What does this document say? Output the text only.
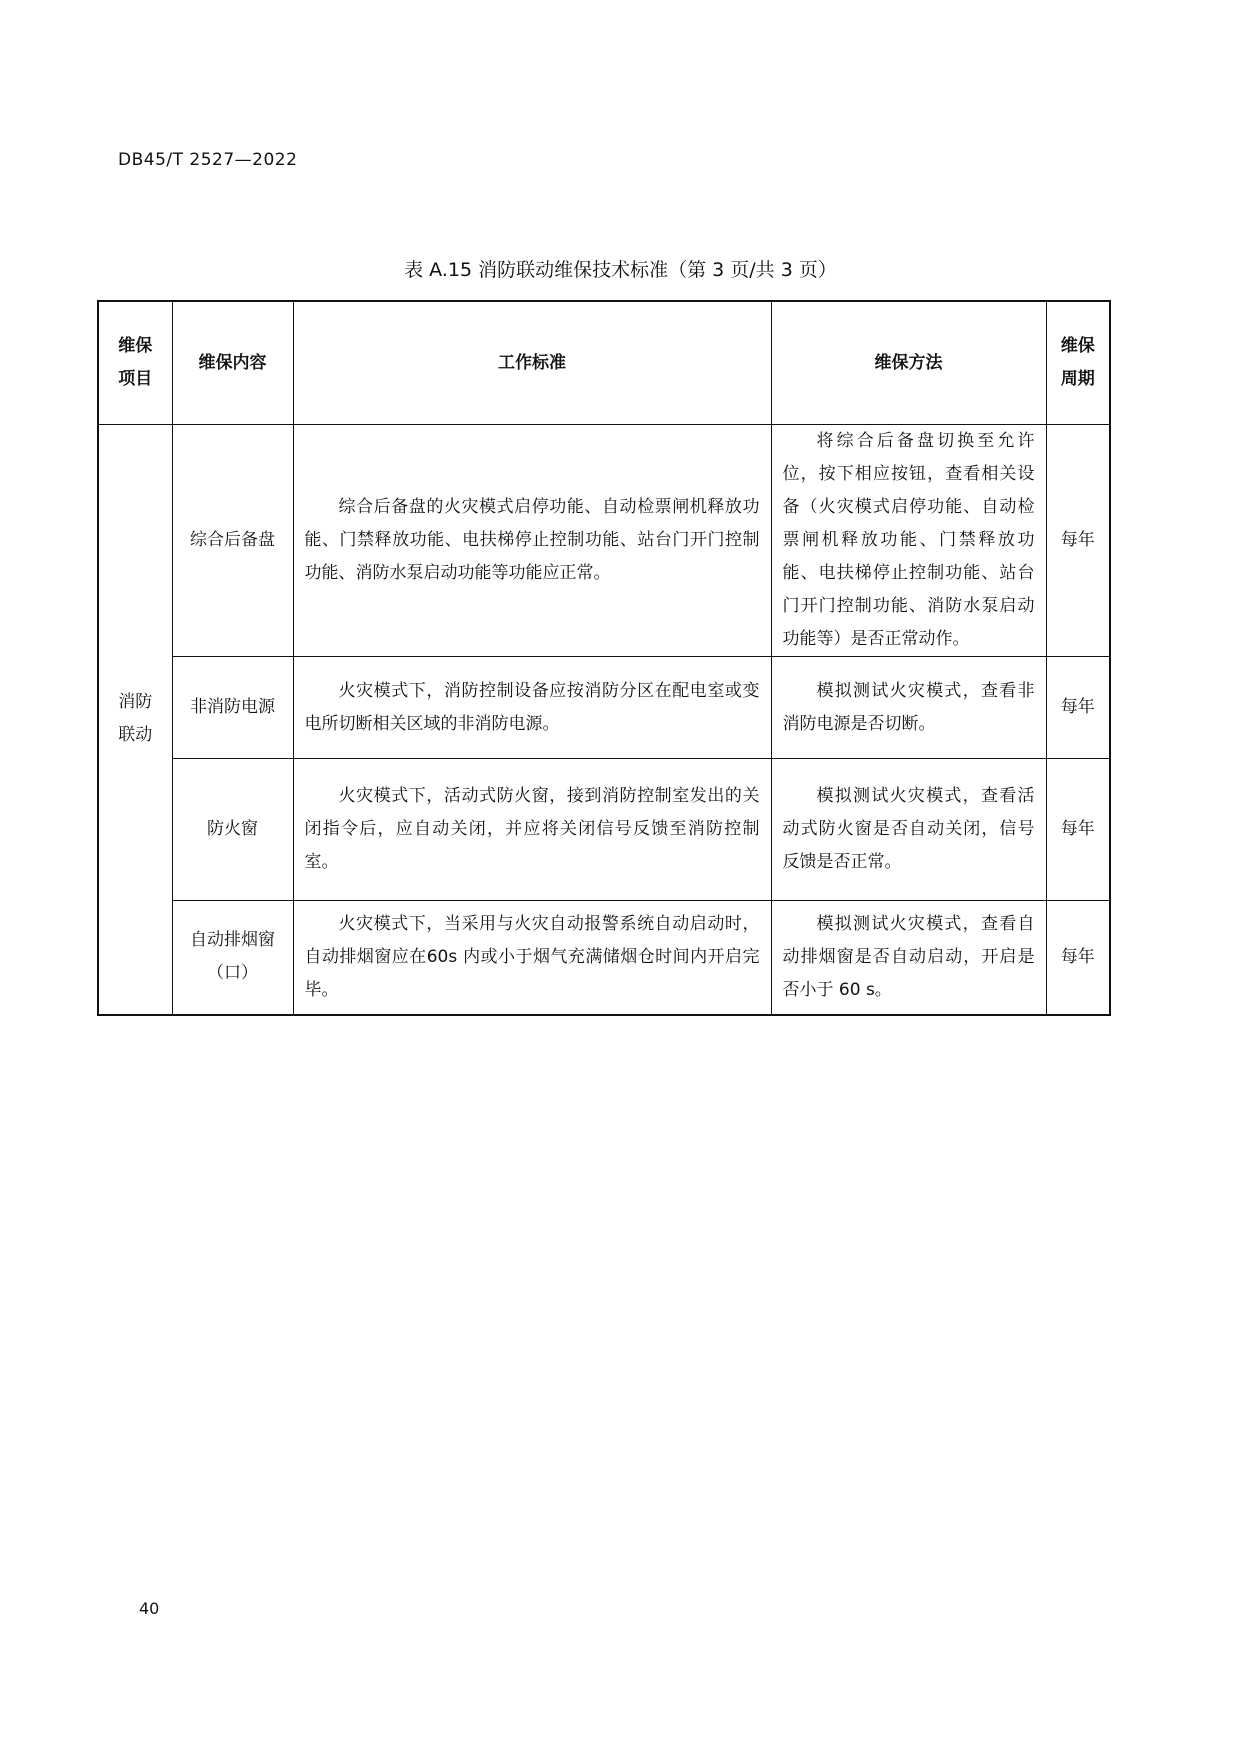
DB45/T 2527—2022
表 A.15 消防联动维保技术标准（第 3 页/共 3 页）
维保
项目	维保内容	工作标准	维保方法	维保
周期

消防
联动	综合后备盘	综合后备盘的火灾模式启停功能、自动检票闸机释放功能、门禁释放功能、电扶梯停止控制功能、站台门开门控制功能、消防水泵启动功能等功能应正常。	将综合后备盘切换至允许位，按下相应按钮，查看相关设备（火灾模式启停功能、自动检票闸机释放功能、门禁释放功能、电扶梯停止控制功能、站台门开门控制功能、消防水泵启动功能等）是否正常动作。	每年
	非消防电源	火灾模式下，消防控制设备应按消防分区在配电室或变电所切断相关区域的非消防电源。	模拟测试火灾模式，查看非消防电源是否切断。	每年
	防火窗	火灾模式下，活动式防火窗，接到消防控制室发出的关闭指令后，应自动关闭，并应将关闭信号反馈至消防控制室。	模拟测试火灾模式，查看活动式防火窗是否自动关闭，信号反馈是否正常。	每年

	自动排烟窗
（口）	火灾模式下，当采用与火灾自动报警系统自动启动时，自动排烟窗应在60s 内或小于烟气充满储烟仓时间内开启完毕。	模拟测试火灾模式，查看自动排烟窗是否自动启动，开启是否小于 60 s。	每年
40
